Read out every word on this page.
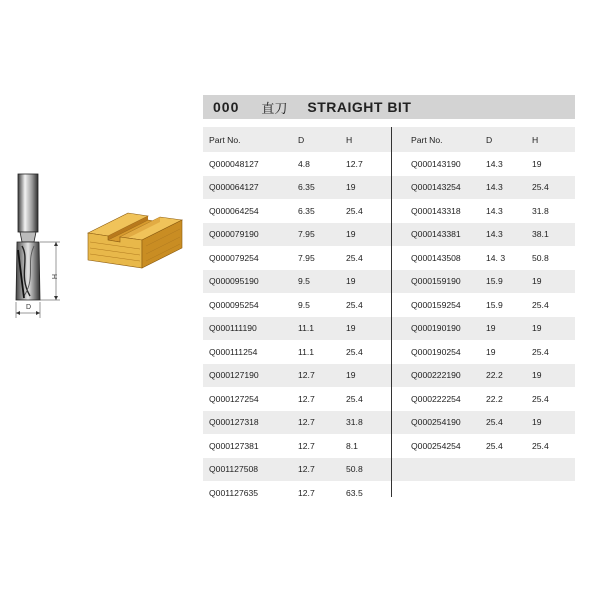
H
D
000 直刀 STRAIGHT BIT
Part No.	D	H	Part No.	D	H
Q000048127	4.8	12.7	Q000143190	14.3	19
Q000064127	6.35	19	Q000143254	14.3	25.4
Q000064254	6.35	25.4	Q000143318	14.3	31.8
Q000079190	7.95	19	Q000143381	14.3	38.1
Q000079254	7.95	25.4	Q000143508	14. 3	50.8
Q000095190	9.5	19	Q000159190	15.9	19
Q000095254	9.5	25.4	Q000159254	15.9	25.4
Q000111190	11.1	19	Q000190190	19	19
Q000111254	11.1	25.4	Q000190254	19	25.4
Q000127190	12.7	19	Q000222190	22.2	19
Q000127254	12.7	25.4	Q000222254	22.2	25.4
Q000127318	12.7	31.8	Q000254190	25.4	19
Q000127381	12.7	8.1	Q000254254	25.4	25.4
Q001127508	12.7	50.8
Q001127635	12.7	63.5
